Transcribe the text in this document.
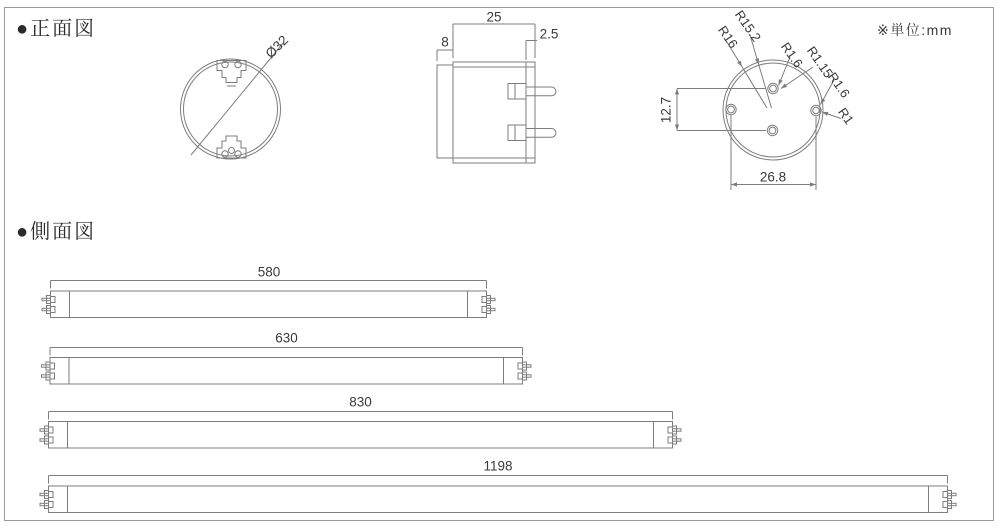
●正面図
●側面図
※単位:mm
Ø32
25
8
2.5	R15.2
R16
R1.6
R1.15
R1.6
R1
12.7
26.8
580
630
830
1198
